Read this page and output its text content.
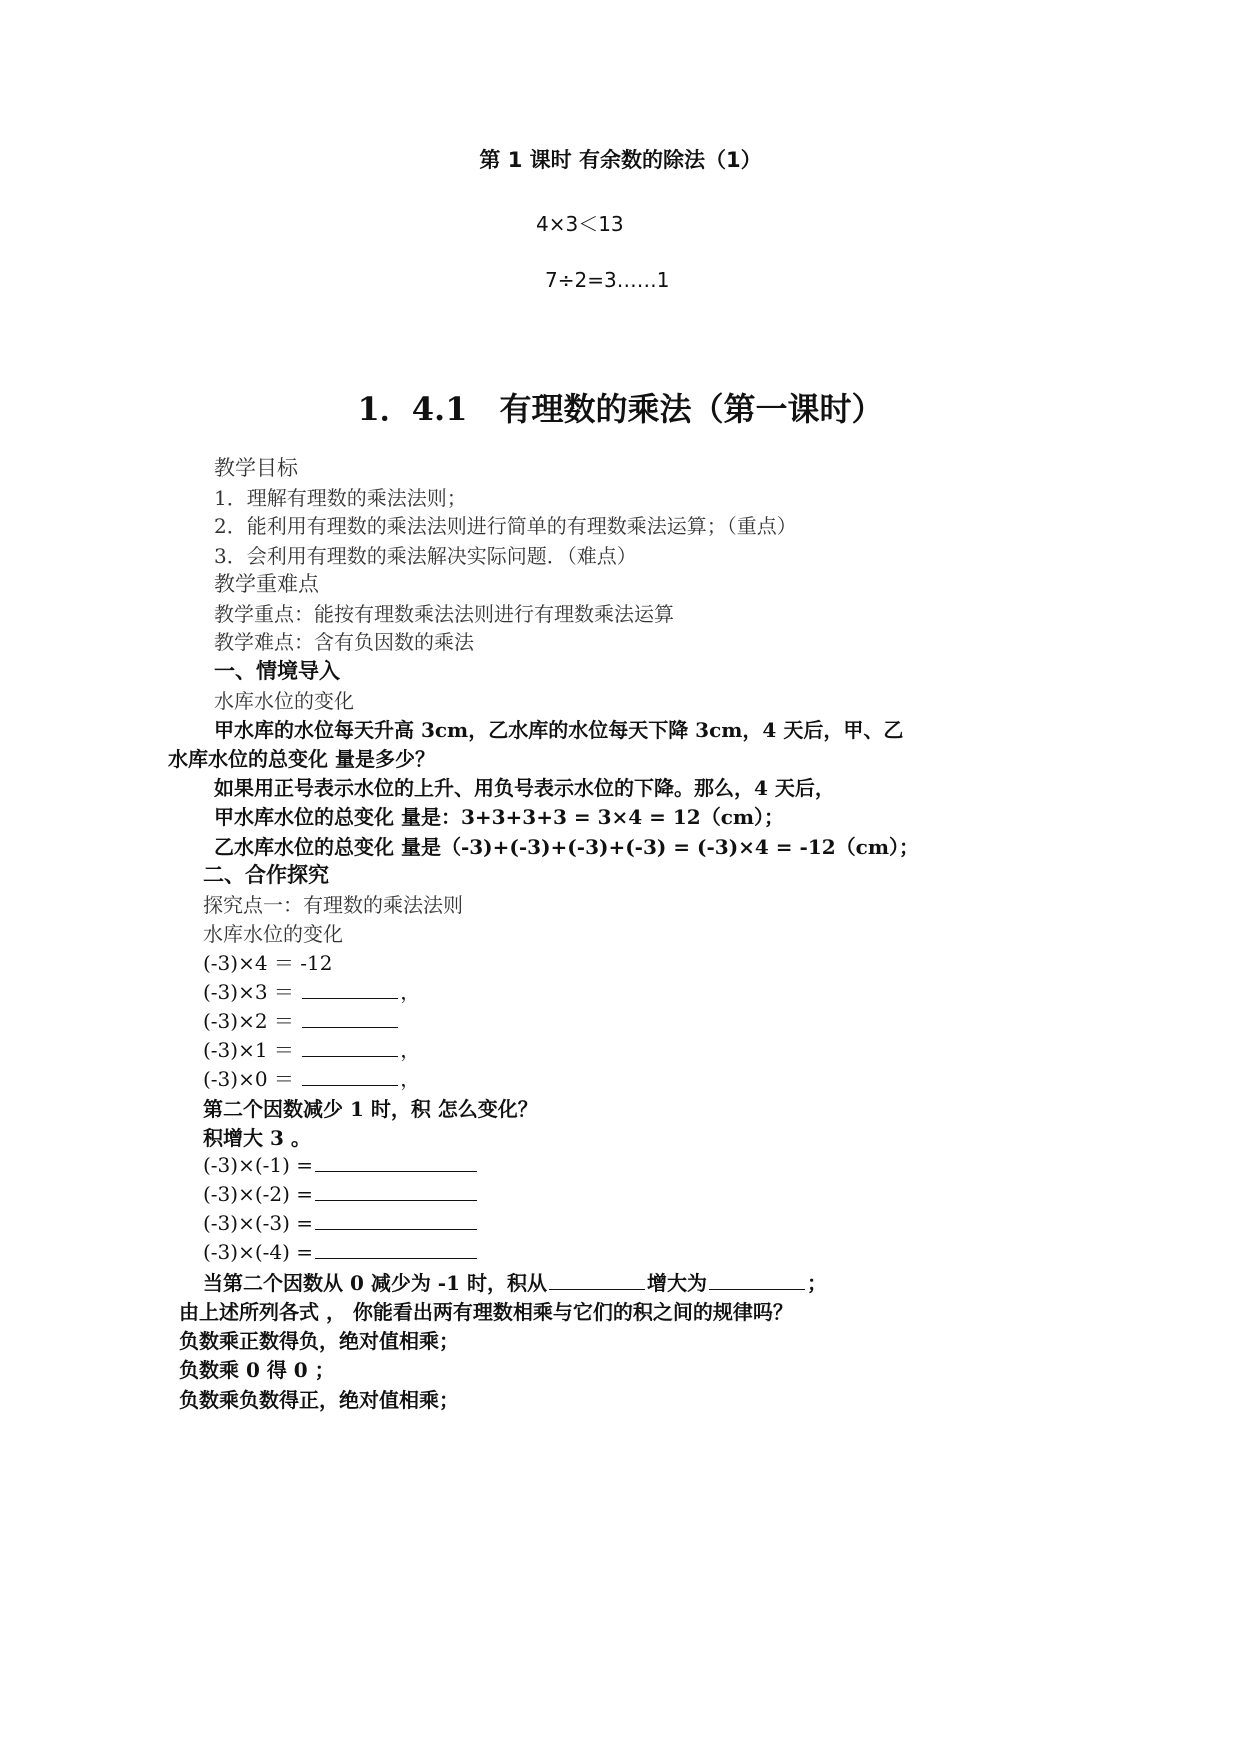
第 1 课时 有余数的除法（1）
4×3＜13
7÷2=3……1
1．4.1　有理数的乘法（第一课时）
教学目标
1．理解有理数的乘法法则；
2．能利用有理数的乘法法则进行简单的有理数乘法运算；（重点）
3．会利用有理数的乘法解决实际问题．（难点）
教学重难点
教学重点：能按有理数乘法法则进行有理数乘法运算
教学难点：含有负因数的乘法
一、情境导入
水库水位的变化
甲水库的水位每天升高 3cm，乙水库的水位每天下降 3cm，4 天后，甲、乙
水库水位的总变化 量是多少？
如果用正号表示水位的上升、用负号表示水位的下降。那么，4 天后，
甲水库水位的总变化 量是：3+3+3+3 = 3×4 = 12（cm）；
乙水库水位的总变化 量是（-3)+(-3)+(-3)+(-3) = (-3)×4 = -12（cm）；
二、合作探究
探究点一：有理数的乘法法则
水库水位的变化
(-3)×4 ＝ -12
(-3)×3 ＝	，
(-3)×2 ＝
(-3)×1 ＝	，
(-3)×0 ＝	，
第二个因数减少 1 时，积 怎么变化？
积增大 3 。
(-3)×(-1) =
(-3)×(-2) =
(-3)×(-3) =
(-3)×(-4) =
当第二个因数从 0 减少为 -1 时，积从	增大为	；
由上述所列各式 ， 你能看出两有理数相乘与它们的积之间的规律吗？
负数乘正数得负，绝对值相乘；
负数乘 0 得 0 ；
负数乘负数得正，绝对值相乘；
